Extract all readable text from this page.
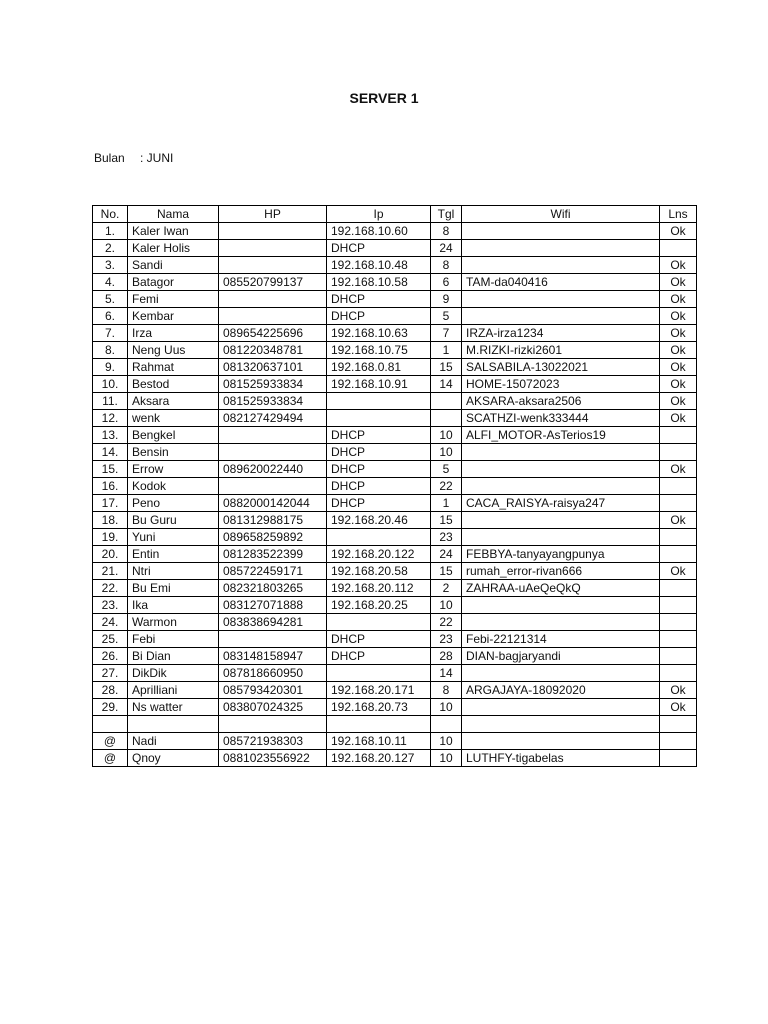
SERVER 1
Bulan : JUNI
No.	Nama	HP	Ip	Tgl	Wifi	Lns
1.	Kaler Iwan		192.168.10.60	8		Ok
2.	Kaler Holis		DHCP	24		
3.	Sandi		192.168.10.48	8		Ok
4.	Batagor	085520799137	192.168.10.58	6	TAM-da040416	Ok
5.	Femi		DHCP	9		Ok
6.	Kembar		DHCP	5		Ok
7.	Irza	089654225696	192.168.10.63	7	IRZA-irza1234	Ok
8.	Neng Uus	081220348781	192.168.10.75	1	M.RIZKI-rizki2601	Ok
9.	Rahmat	081320637101	192.168.0.81	15	SALSABILA-13022021	Ok
10.	Bestod	081525933834	192.168.10.91	14	HOME-15072023	Ok
11.	Aksara	081525933834			AKSARA-aksara2506	Ok
12.	wenk	082127429494			SCATHZI-wenk333444	Ok
13.	Bengkel		DHCP	10	ALFI_MOTOR-AsTerios19	
14.	Bensin		DHCP	10		
15.	Errow	089620022440	DHCP	5		Ok
16.	Kodok		DHCP	22		
17.	Peno	0882000142044	DHCP	1	CACA_RAISYA-raisya247	
18.	Bu Guru	081312988175	192.168.20.46	15		Ok
19.	Yuni	089658259892		23		
20.	Entin	081283522399	192.168.20.122	24	FEBBYA-tanyayangpunya	
21.	Ntri	085722459171	192.168.20.58	15	rumah_error-rivan666	Ok
22.	Bu Emi	082321803265	192.168.20.112	2	ZAHRAA-uAeQeQkQ	
23.	Ika	083127071888	192.168.20.25	10		
24.	Warmon	083838694281		22		
25.	Febi		DHCP	23	Febi-22121314	
26.	Bi Dian	083148158947	DHCP	28	DIAN-bagjaryandi	
27.	DikDik	087818660950		14		
28.	Aprilliani	085793420301	192.168.20.171	8	ARGAJAYA-18092020	Ok
29.	Ns watter	083807024325	192.168.20.73	10		Ok

@	Nadi	085721938303	192.168.10.11	10		
@	Qnoy	0881023556922	192.168.20.127	10	LUTHFY-tigabelas	
